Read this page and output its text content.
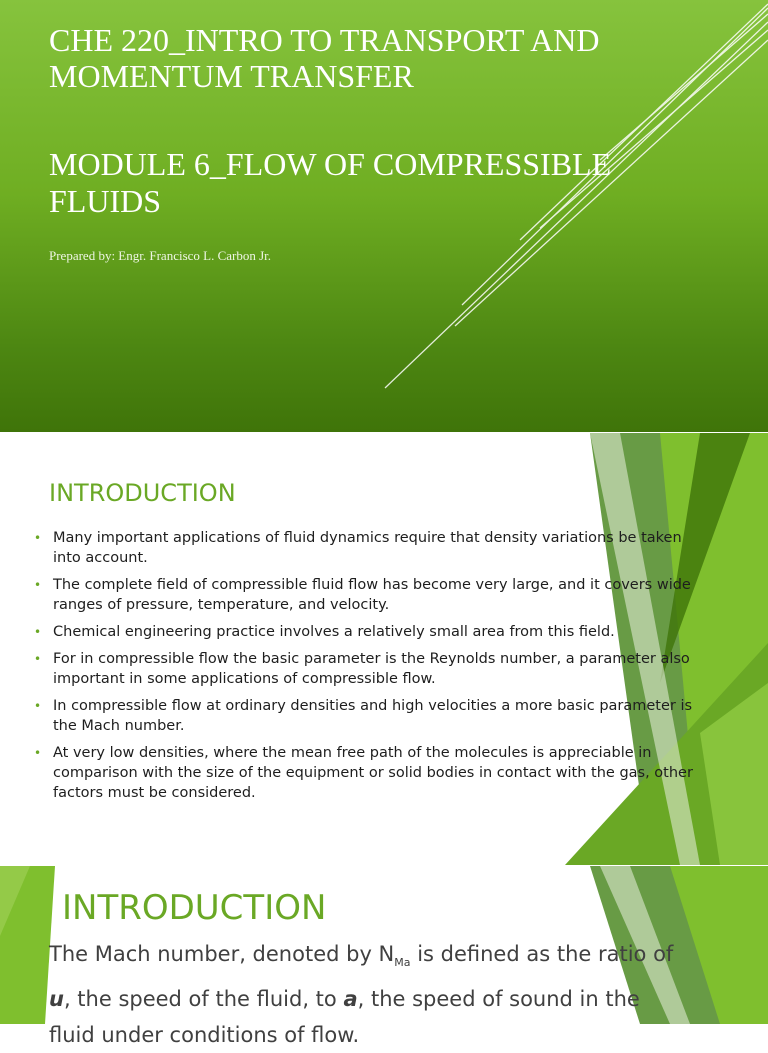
CHE 220_INTRO TO TRANSPORT AND MOMENTUM TRANSFER
MODULE 6_FLOW OF COMPRESSIBLE FLUIDS
Prepared by: Engr. Francisco L. Carbon Jr.
INTRODUCTION
• Many important applications of fluid dynamics require that density variations be taken into account.
• The complete field of compressible fluid flow has become very large, and it covers wide ranges of pressure, temperature, and velocity.
• Chemical engineering practice involves a relatively small area from this field.
• For in compressible flow the basic parameter is the Reynolds number, a parameter also important in some applications of compressible flow.
• In compressible flow at ordinary densities and high velocities a more basic parameter is the Mach number.
• At very low densities, where the mean free path of the molecules is appreciable in comparison with the size of the equipment or solid bodies in contact with the gas, other factors must be considered.
INTRODUCTION
The Mach number, denoted by $N_{Ma}$ is defined as the ratio of
u, the speed of the fluid, to a, the speed of sound in the
fluid under conditions of flow.
